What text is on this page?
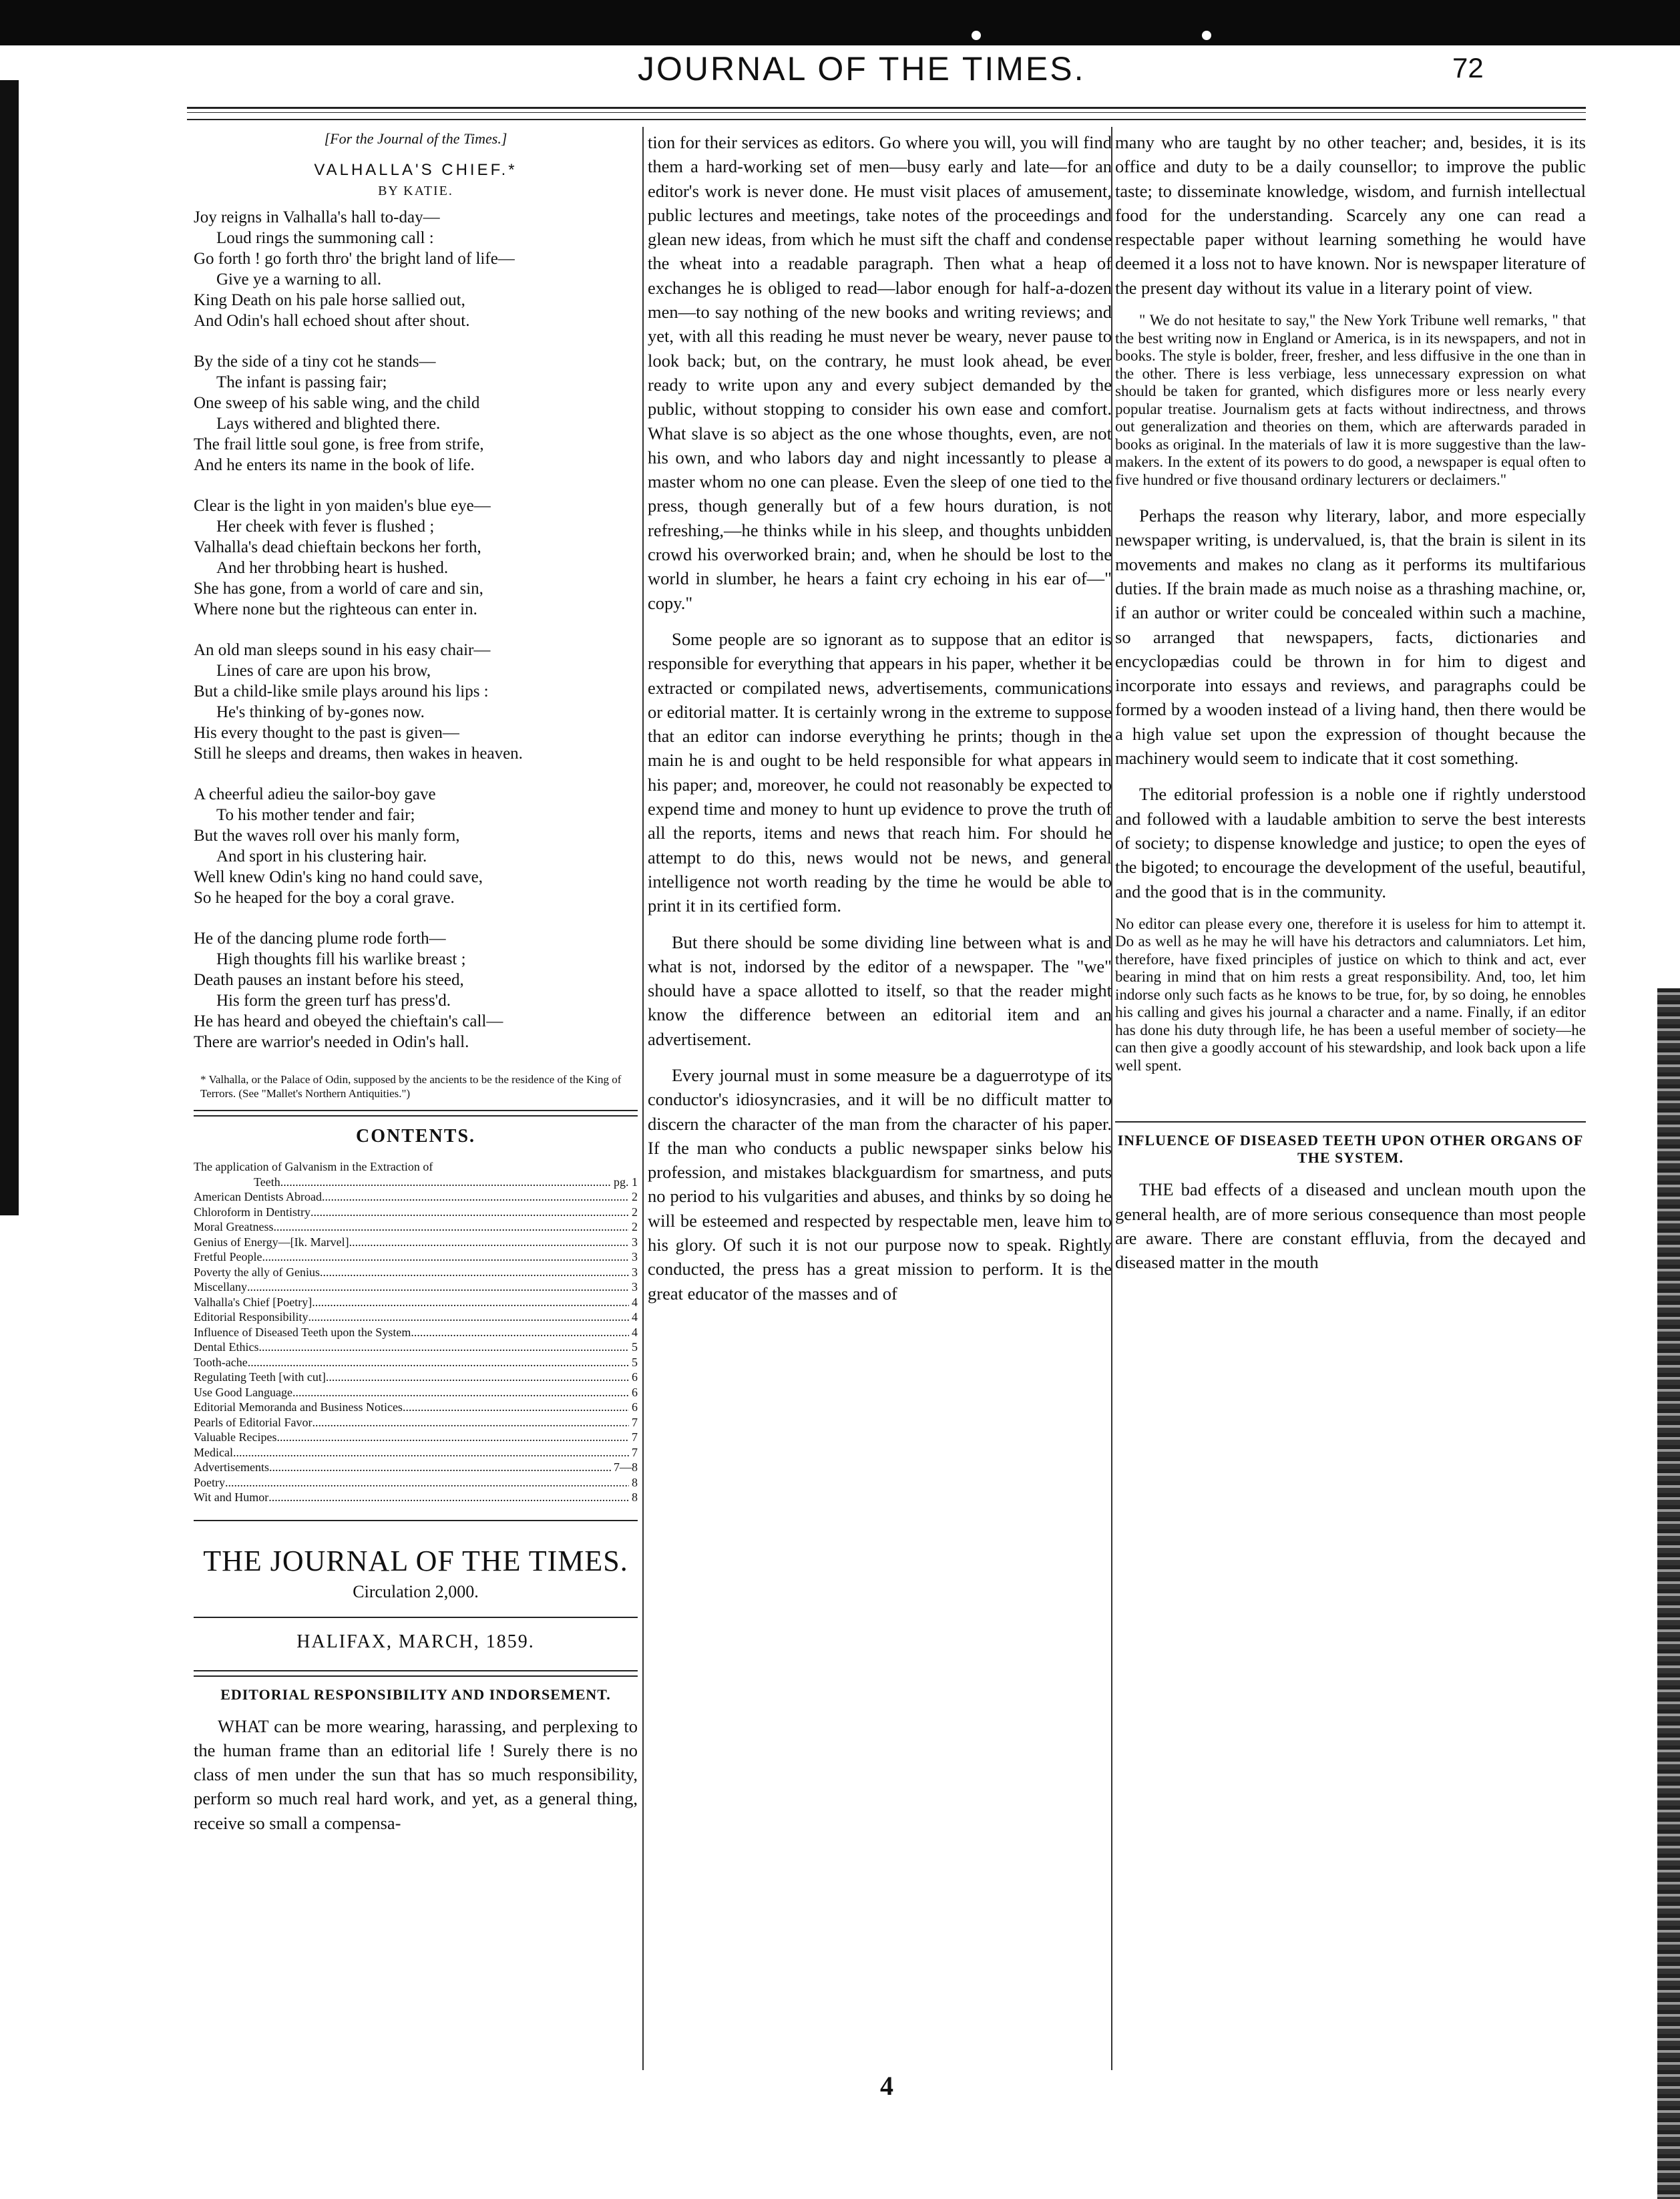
JOURNAL OF THE TIMES.	72
[For the Journal of the Times.]
VALHALLA'S CHIEF.*
BY KATIE.
Joy reigns in Valhalla's hall to-day—
Loud rings the summoning call :
Go forth ! go forth thro' the bright land of life—
Give ye a warning to all.
King Death on his pale horse sallied out,
And Odin's hall echoed shout after shout.
By the side of a tiny cot he stands—
The infant is passing fair;
One sweep of his sable wing, and the child
Lays withered and blighted there.
The frail little soul gone, is free from strife,
And he enters its name in the book of life.
Clear is the light in yon maiden's blue eye—
Her cheek with fever is flushed ;
Valhalla's dead chieftain beckons her forth,
And her throbbing heart is hushed.
She has gone, from a world of care and sin,
Where none but the righteous can enter in.
An old man sleeps sound in his easy chair—
Lines of care are upon his brow,
But a child-like smile plays around his lips :
He's thinking of by-gones now.
His every thought to the past is given—
Still he sleeps and dreams, then wakes in heaven.
A cheerful adieu the sailor-boy gave
To his mother tender and fair;
But the waves roll over his manly form,
And sport in his clustering hair.
Well knew Odin's king no hand could save,
So he heaped for the boy a coral grave.
He of the dancing plume rode forth—
High thoughts fill his warlike breast ;
Death pauses an instant before his steed,
His form the green turf has press'd.
He has heard and obeyed the chieftain's call—
There are warrior's needed in Odin's hall.
* Valhalla, or the Palace of Odin, supposed by the ancients to be the residence of the King of Terrors. (See "Mallet's Northern Antiquities.")
CONTENTS.
The application of Galvanism in the Extraction of
Teeth .....	pg. 1
American Dentists Abroad .....	2
Chloroform in Dentistry .....	2
Moral Greatness .....	2
Genius of Energy—[Ik. Marvel] .....	3
Fretful People .....	3
Poverty the ally of Genius .....	3
Miscellany .....	3
Valhalla's Chief [Poetry] .....	4
Editorial Responsibility .....	4
Influence of Diseased Teeth upon the System .....	4
Dental Ethics .....	5
Tooth-ache .....	5
Regulating Teeth [with cut] .....	6
Use Good Language .....	6
Editorial Memoranda and Business Notices .....	6
Pearls of Editorial Favor .....	7
Valuable Recipes .....	7
Medical .....	7
Advertisements .....	7—8
Poetry .....	8
Wit and Humor .....	8
THE JOURNAL OF THE TIMES.
Circulation 2,000.
HALIFAX, MARCH, 1859.
EDITORIAL RESPONSIBILITY AND INDORSEMENT.

WHAT can be more wearing, harassing, and perplexing to the human frame than an editorial life ! Surely there is no class of men under the sun that has so much responsibility, perform so much real hard work, and yet, as a general thing, receive so small a compensa-

tion for their services as editors. Go where you will, you will find them a hard-working set of men—busy early and late—for an editor's work is never done. He must visit places of amusement, public lectures and meetings, take notes of the proceedings and glean new ideas, from which he must sift the chaff and condense the wheat into a readable paragraph. Then what a heap of exchanges he is obliged to read—labor enough for half-a-dozen men—to say nothing of the new books and writing reviews; and yet, with all this reading he must never be weary, never pause to look back; but, on the contrary, he must look ahead, be ever ready to write upon any and every subject demanded by the public, without stopping to consider his own ease and comfort. What slave is so abject as the one whose thoughts, even, are not his own, and who labors day and night incessantly to please a master whom no one can please. Even the sleep of one tied to the press, though generally but of a few hours duration, is not refreshing,—he thinks while in his sleep, and thoughts unbidden crowd his overworked brain; and, when he should be lost to the world in slumber, he hears a faint cry echoing in his ear of—" copy."

Some people are so ignorant as to suppose that an editor is responsible for everything that appears in his paper, whether it be extracted or compilated news, advertisements, communications or editorial matter. It is certainly wrong in the extreme to suppose that an editor can indorse everything he prints; though in the main he is and ought to be held responsible for what appears in his paper; and, moreover, he could not reasonably be expected to expend time and money to hunt up evidence to prove the truth of all the reports, items and news that reach him. For should he attempt to do this, news would not be news, and general intelligence not worth reading by the time he would be able to print it in its certified form.

But there should be some dividing line between what is and what is not, indorsed by the editor of a newspaper. The "we" should have a space allotted to itself, so that the reader might know the difference between an editorial item and an advertisement.

Every journal must in some measure be a daguerrotype of its conductor's idiosyncrasies, and it will be no difficult matter to discern the character of the man from the character of his paper. If the man who conducts a public newspaper sinks below his profession, and mistakes blackguardism for smartness, and puts no period to his vulgarities and abuses, and thinks by so doing he will be esteemed and respected by respectable men, leave him to his glory. Of such it is not our purpose now to speak. Rightly conducted, the press has a great mission to perform. It is the great educator of the masses and of

many who are taught by no other teacher; and, besides, it is its office and duty to be a daily counsellor; to improve the public taste; to disseminate knowledge, wisdom, and furnish intellectual food for the understanding. Scarcely any one can read a respectable paper without learning something he would have deemed it a loss not to have known. Nor is newspaper literature of the present day without its value in a literary point of view.

" We do not hesitate to say," the New York Tribune well remarks, " that the best writing now in England or America, is in its newspapers, and not in books. The style is bolder, freer, fresher, and less diffusive in the one than in the other. There is less verbiage, less unnecessary expression on what should be taken for granted, which disfigures more or less nearly every popular treatise. Journalism gets at facts without indirectness, and throws out generalization and theories on them, which are afterwards paraded in books as original. In the materials of law it is more suggestive than the law-makers. In the extent of its powers to do good, a newspaper is equal often to five hundred or five thousand ordinary lecturers or declaimers."

Perhaps the reason why literary, labor, and more especially newspaper writing, is undervalued, is, that the brain is silent in its movements and makes no clang as it performs its multifarious duties. If the brain made as much noise as a thrashing machine, or, if an author or writer could be concealed within such a machine, so arranged that newspapers, facts, dictionaries and encyclopædias could be thrown in for him to digest and incorporate into essays and reviews, and paragraphs could be formed by a wooden instead of a living hand, then there would be a high value set upon the expression of thought because the machinery would seem to indicate that it cost something.

The editorial profession is a noble one if rightly understood and followed with a laudable ambition to serve the best interests of society; to dispense knowledge and justice; to open the eyes of the bigoted; to encourage the development of the useful, beautiful, and the good that is in the community.

No editor can please every one, therefore it is useless for him to attempt it. Do as well as he may he will have his detractors and calumniators. Let him, therefore, have fixed principles of justice on which to think and act, ever bearing in mind that on him rests a great responsibility. And, too, let him indorse only such facts as he knows to be true, for, by so doing, he ennobles his calling and gives his journal a character and a name. Finally, if an editor has done his duty through life, he has been a useful member of society—he can then give a goodly account of his stewardship, and look back upon a life well spent.

INFLUENCE OF DISEASED TEETH UPON OTHER ORGANS OF THE SYSTEM.

THE bad effects of a diseased and unclean mouth upon the general health, are of more serious consequence than most people are aware. There are constant effluvia, from the decayed and diseased matter in the mouth

4
